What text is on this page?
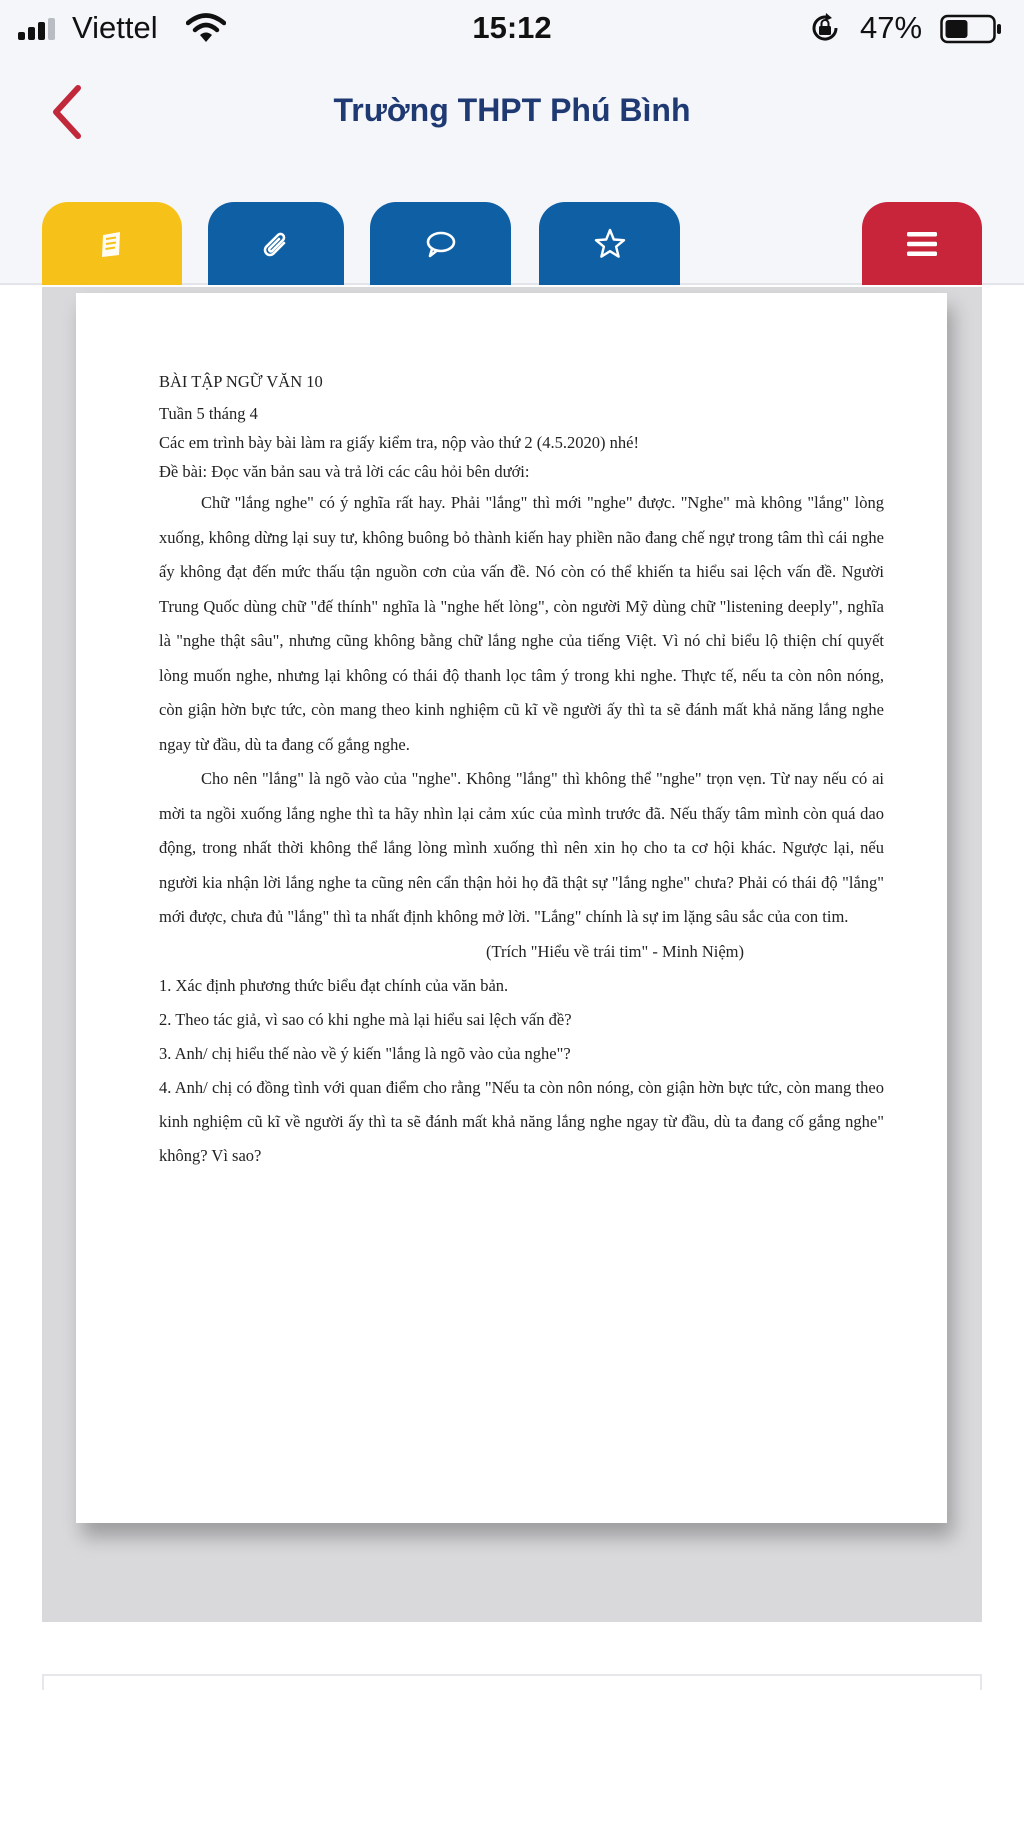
Viettel	15:12	47%
Trường THPT Phú Bình

BÀI TẬP NGỮ VĂN 10

Tuần 5 tháng 4

Các em trình bày bài làm ra giấy kiểm tra, nộp vào thứ 2 (4.5.2020) nhé!

Đề bài: Đọc văn bản sau và trả lời các câu hỏi bên dưới:

Chữ "lắng nghe" có ý nghĩa rất hay. Phải "lắng" thì mới "nghe" được. "Nghe" mà không "lắng" lòng xuống, không dừng lại suy tư, không buông bỏ thành kiến hay phiền não đang chế ngự trong tâm thì cái nghe ấy không đạt đến mức thấu tận nguồn cơn của vấn đề. Nó còn có thể khiến ta hiểu sai lệch vấn đề. Người Trung Quốc dùng chữ "đế thính" nghĩa là "nghe hết lòng", còn người Mỹ dùng chữ "listening deeply", nghĩa là "nghe thật sâu", nhưng cũng không bằng chữ lắng nghe của tiếng Việt. Vì nó chỉ biểu lộ thiện chí quyết lòng muốn nghe, nhưng lại không có thái độ thanh lọc tâm ý trong khi nghe. Thực tế, nếu ta còn nôn nóng, còn giận hờn bực tức, còn mang theo kinh nghiệm cũ kĩ về người ấy thì ta sẽ đánh mất khả năng lắng nghe ngay từ đầu, dù ta đang cố gắng nghe.

Cho nên "lắng" là ngõ vào của "nghe". Không "lắng" thì không thể "nghe" trọn vẹn. Từ nay nếu có ai mời ta ngồi xuống lắng nghe thì ta hãy nhìn lại cảm xúc của mình trước đã. Nếu thấy tâm mình còn quá dao động, trong nhất thời không thể lắng lòng mình xuống thì nên xin họ cho ta cơ hội khác. Ngược lại, nếu người kia nhận lời lắng nghe ta cũng nên cẩn thận hỏi họ đã thật sự "lắng nghe" chưa? Phải có thái độ "lắng" mới được, chưa đủ "lắng" thì ta nhất định không mở lời. "Lắng" chính là sự im lặng sâu sắc của con tim.

(Trích "Hiểu về trái tim" - Minh Niệm)

1. Xác định phương thức biểu đạt chính của văn bản.

2. Theo tác giả, vì sao có khi nghe mà lại hiểu sai lệch vấn đề?

3. Anh/ chị hiểu thế nào về ý kiến "lắng là ngõ vào của nghe"?

4. Anh/ chị có đồng tình với quan điểm cho rằng "Nếu ta còn nôn nóng, còn giận hờn bực tức, còn mang theo kinh nghiệm cũ kĩ về người ấy thì ta sẽ đánh mất khả năng lắng nghe ngay từ đầu, dù ta đang cố gắng nghe" không? Vì sao?
